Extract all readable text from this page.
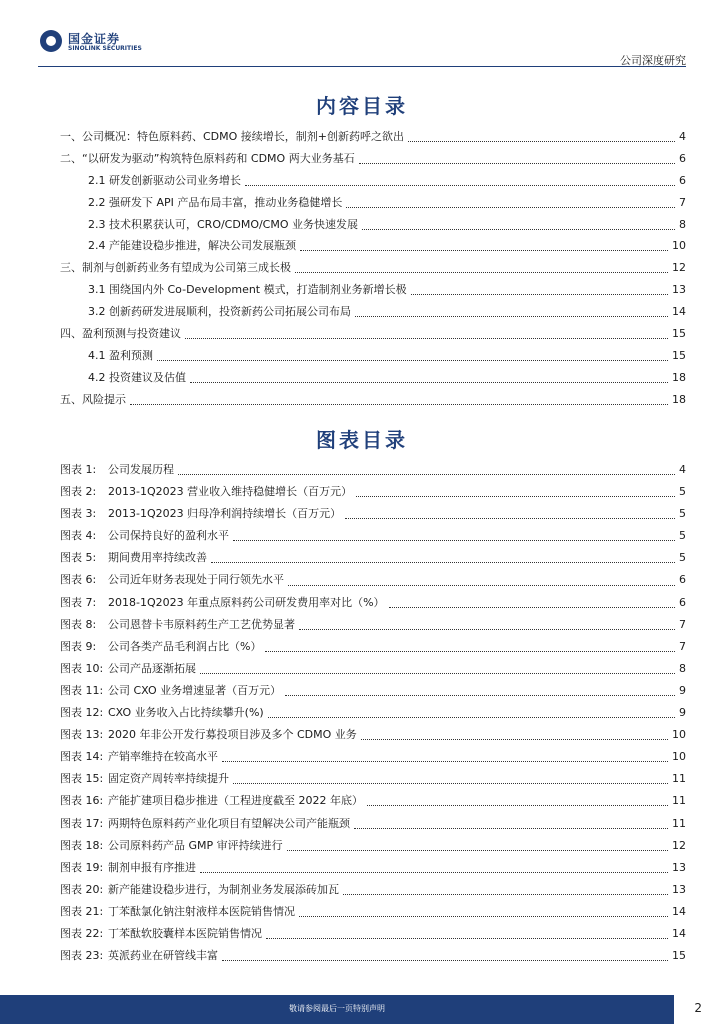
国金证券
SINOLINK SECURITIES
公司深度研究
内容目录
一、公司概况：特色原料药、CDMO 接续增长，制剂+创新药呼之欲出	4
二、“以研发为驱动”构筑特色原料药和 CDMO 两大业务基石	6
2.1 研发创新驱动公司业务增长	6
2.2 强研发下 API 产品布局丰富，推动业务稳健增长	7
2.3 技术积累获认可，CRO/CDMO/CMO 业务快速发展	8
2.4 产能建设稳步推进，解决公司发展瓶颈	10
三、制剂与创新药业务有望成为公司第三成长极	12
3.1 围绕国内外 Co-Development 模式，打造制剂业务新增长极	13
3.2 创新药研发进展顺利，投资新药公司拓展公司布局	14
四、盈利预测与投资建议	15
4.1 盈利预测	15
4.2 投资建议及估值	18
五、风险提示	18
图表目录
图表 1:	公司发展历程	4
图表 2:	2013-1Q2023 营业收入维持稳健增长（百万元）	5
图表 3:	2013-1Q2023 归母净利润持续增长（百万元）	5
图表 4:	公司保持良好的盈利水平	5
图表 5:	期间费用率持续改善	5
图表 6:	公司近年财务表现处于同行领先水平	6
图表 7:	2018-1Q2023 年重点原料药公司研发费用率对比（%）	6
图表 8:	公司恩替卡韦原料药生产工艺优势显著	7
图表 9:	公司各类产品毛利润占比（%）	7
图表 10: 公司产品逐渐拓展	8
图表 11: 公司 CXO 业务增速显著（百万元）	9
图表 12: CXO 业务收入占比持续攀升(%)	9
图表 13: 2020 年非公开发行募投项目涉及多个 CDMO 业务	10
图表 14: 产销率维持在较高水平	10
图表 15: 固定资产周转率持续提升	11
图表 16: 产能扩建项目稳步推进（工程进度截至 2022 年底）	11
图表 17: 两期特色原料药产业化项目有望解决公司产能瓶颈	11
图表 18: 公司原料药产品 GMP 审评持续进行	12
图表 19: 制剂申报有序推进	13
图表 20: 新产能建设稳步进行，为制剂业务发展添砖加瓦	13
图表 21: 丁苯酞氯化钠注射液样本医院销售情况	14
图表 22: 丁苯酞软胶囊样本医院销售情况	14
图表 23: 英派药业在研管线丰富	15
敬请参阅最后一页特别声明	2
